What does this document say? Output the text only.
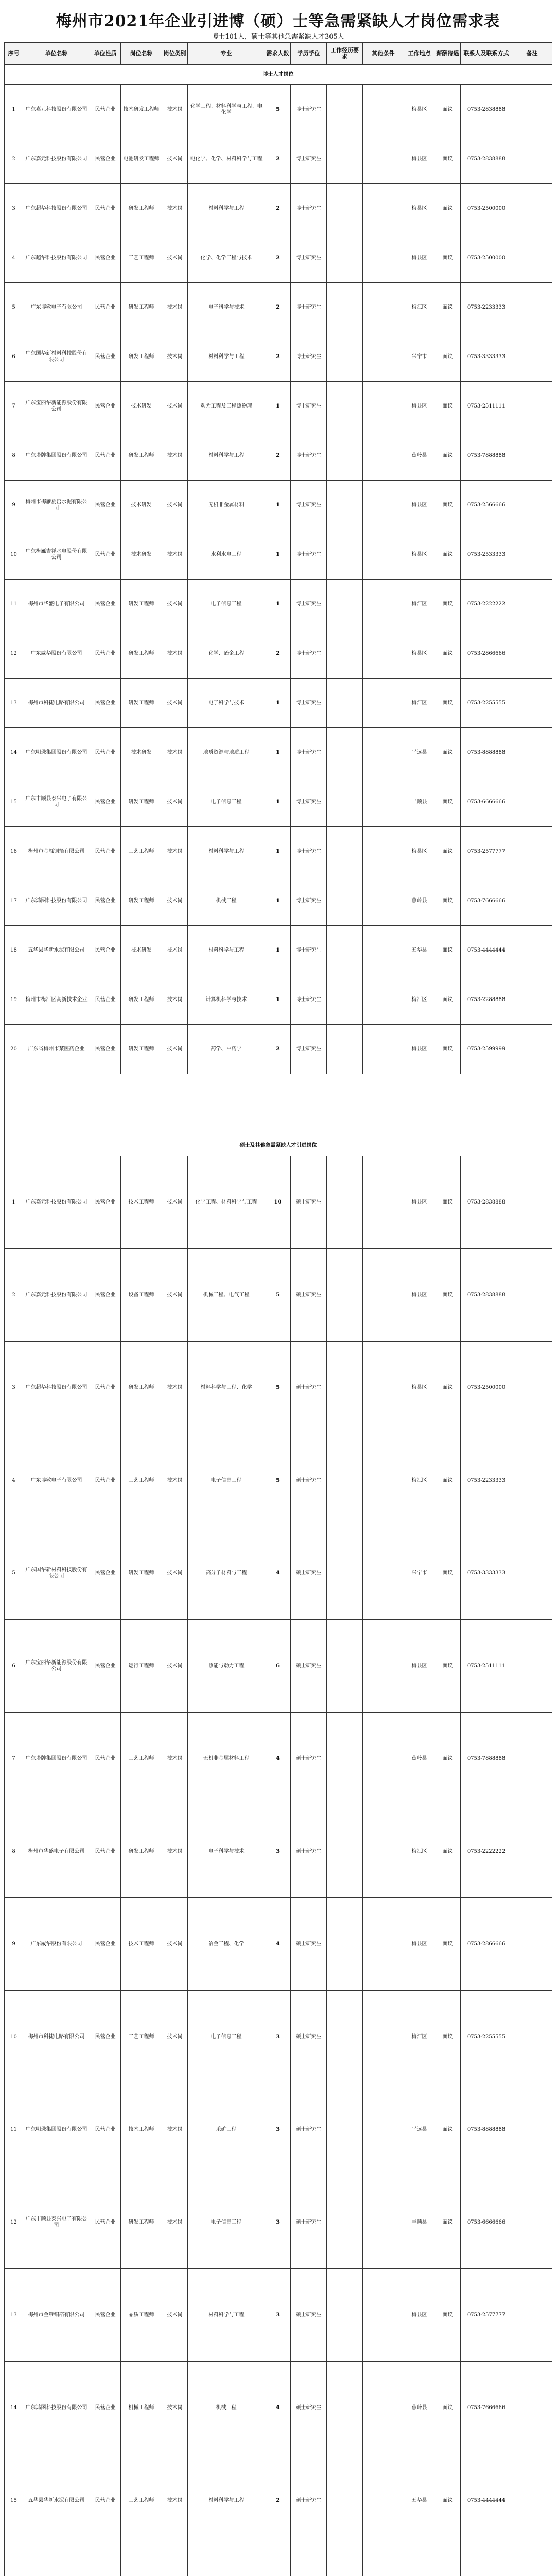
梅州市2021年企业引进博（硕）士等急需紧缺人才岗位需求表
博士101人，硕士等其他急需紧缺人才305人
序号	单位名称	单位性质	岗位名称	岗位类别	专业	需求人数	学历学位	工作经历要求	其他条件	工作地点	薪酬待遇	联系人及联系方式	备注
博士人才岗位													
1	广东嘉元科技股份有限公司	民营企业	技术研发工程师	技术岗	化学工程、材料科学与工程、电化学	5	博士研究生			梅县区	面议	0753-2838888	
2	广东嘉元科技股份有限公司	民营企业	电池研发工程师	技术岗	电化学、化学、材料科学与工程	2	博士研究生			梅县区	面议	0753-2838888	
3	广东超华科技股份有限公司	民营企业	研发工程师	技术岗	材料科学与工程	2	博士研究生			梅县区	面议	0753-2500000	
4	广东超华科技股份有限公司	民营企业	工艺工程师	技术岗	化学、化学工程与技术	2	博士研究生			梅县区	面议	0753-2500000	
5	广东博敏电子有限公司	民营企业	研发工程师	技术岗	电子科学与技术	2	博士研究生			梅江区	面议	0753-2233333	
6	广东国华新材料科技股份有限公司	民营企业	研发工程师	技术岗	材料科学与工程	2	博士研究生			兴宁市	面议	0753-3333333	
7	广东宝丽华新能源股份有限公司	民营企业	技术研发	技术岗	动力工程及工程热物理	1	博士研究生			梅县区	面议	0753-2511111	
8	广东塔牌集团股份有限公司	民营企业	研发工程师	技术岗	材料科学与工程	2	博士研究生			蕉岭县	面议	0753-7888888	
9	梅州市梅雁旋窑水泥有限公司	民营企业	技术研发	技术岗	无机非金属材料	1	博士研究生			梅县区	面议	0753-2566666	
10	广东梅雁吉祥水电股份有限公司	民营企业	技术研发	技术岗	水利水电工程	1	博士研究生			梅县区	面议	0753-2533333	
11	梅州市华盛电子有限公司	民营企业	研发工程师	技术岗	电子信息工程	1	博士研究生			梅江区	面议	0753-2222222	
12	广东威华股份有限公司	民营企业	研发工程师	技术岗	化学、冶金工程	2	博士研究生			梅县区	面议	0753-2866666	
13	梅州市科捷电路有限公司	民营企业	研发工程师	技术岗	电子科学与技术	1	博士研究生			梅江区	面议	0753-2255555	
14	广东明珠集团股份有限公司	民营企业	技术研发	技术岗	地质资源与地质工程	1	博士研究生			平远县	面议	0753-8888888	
15	广东丰顺县泰兴电子有限公司	民营企业	研发工程师	技术岗	电子信息工程	1	博士研究生			丰顺县	面议	0753-6666666	
16	梅州市金雁铜箔有限公司	民营企业	工艺工程师	技术岗	材料科学与工程	1	博士研究生			梅县区	面议	0753-2577777	
17	广东鸿图科技股份有限公司	民营企业	研发工程师	技术岗	机械工程	1	博士研究生			蕉岭县	面议	0753-7666666	
18	五华县华新水泥有限公司	民营企业	技术研发	技术岗	材料科学与工程	1	博士研究生			五华县	面议	0753-4444444	
19	梅州市梅江区高新技术企业	民营企业	研发工程师	技术岗	计算机科学与技术	1	博士研究生			梅江区	面议	0753-2288888	
20	广东省梅州市某医药企业	民营企业	研发工程师	技术岗	药学、中药学	2	博士研究生			梅县区	面议	0753-2599999	

硕士及其他急需紧缺人才引进岗位													
1	广东嘉元科技股份有限公司	民营企业	技术工程师	技术岗	化学工程、材料科学与工程	10	硕士研究生			梅县区	面议	0753-2838888	
2	广东嘉元科技股份有限公司	民营企业	设备工程师	技术岗	机械工程、电气工程	5	硕士研究生			梅县区	面议	0753-2838888	
3	广东超华科技股份有限公司	民营企业	研发工程师	技术岗	材料科学与工程、化学	5	硕士研究生			梅县区	面议	0753-2500000	
4	广东博敏电子有限公司	民营企业	工艺工程师	技术岗	电子信息工程	5	硕士研究生			梅江区	面议	0753-2233333	
5	广东国华新材料科技股份有限公司	民营企业	研发工程师	技术岗	高分子材料与工程	4	硕士研究生			兴宁市	面议	0753-3333333	
6	广东宝丽华新能源股份有限公司	民营企业	运行工程师	技术岗	热能与动力工程	6	硕士研究生			梅县区	面议	0753-2511111	
7	广东塔牌集团股份有限公司	民营企业	工艺工程师	技术岗	无机非金属材料工程	4	硕士研究生			蕉岭县	面议	0753-7888888	
8	梅州市华盛电子有限公司	民营企业	研发工程师	技术岗	电子科学与技术	3	硕士研究生			梅江区	面议	0753-2222222	
9	广东威华股份有限公司	民营企业	技术工程师	技术岗	冶金工程、化学	4	硕士研究生			梅县区	面议	0753-2866666	
10	梅州市科捷电路有限公司	民营企业	工艺工程师	技术岗	电子信息工程	3	硕士研究生			梅江区	面议	0753-2255555	
11	广东明珠集团股份有限公司	民营企业	技术工程师	技术岗	采矿工程	3	硕士研究生			平远县	面议	0753-8888888	
12	广东丰顺县泰兴电子有限公司	民营企业	研发工程师	技术岗	电子信息工程	3	硕士研究生			丰顺县	面议	0753-6666666	
13	梅州市金雁铜箔有限公司	民营企业	品质工程师	技术岗	材料科学与工程	3	硕士研究生			梅县区	面议	0753-2577777	
14	广东鸿图科技股份有限公司	民营企业	机械工程师	技术岗	机械工程	4	硕士研究生			蕉岭县	面议	0753-7666666	
15	五华县华新水泥有限公司	民营企业	工艺工程师	技术岗	材料科学与工程	2	硕士研究生			五华县	面议	0753-4444444	
